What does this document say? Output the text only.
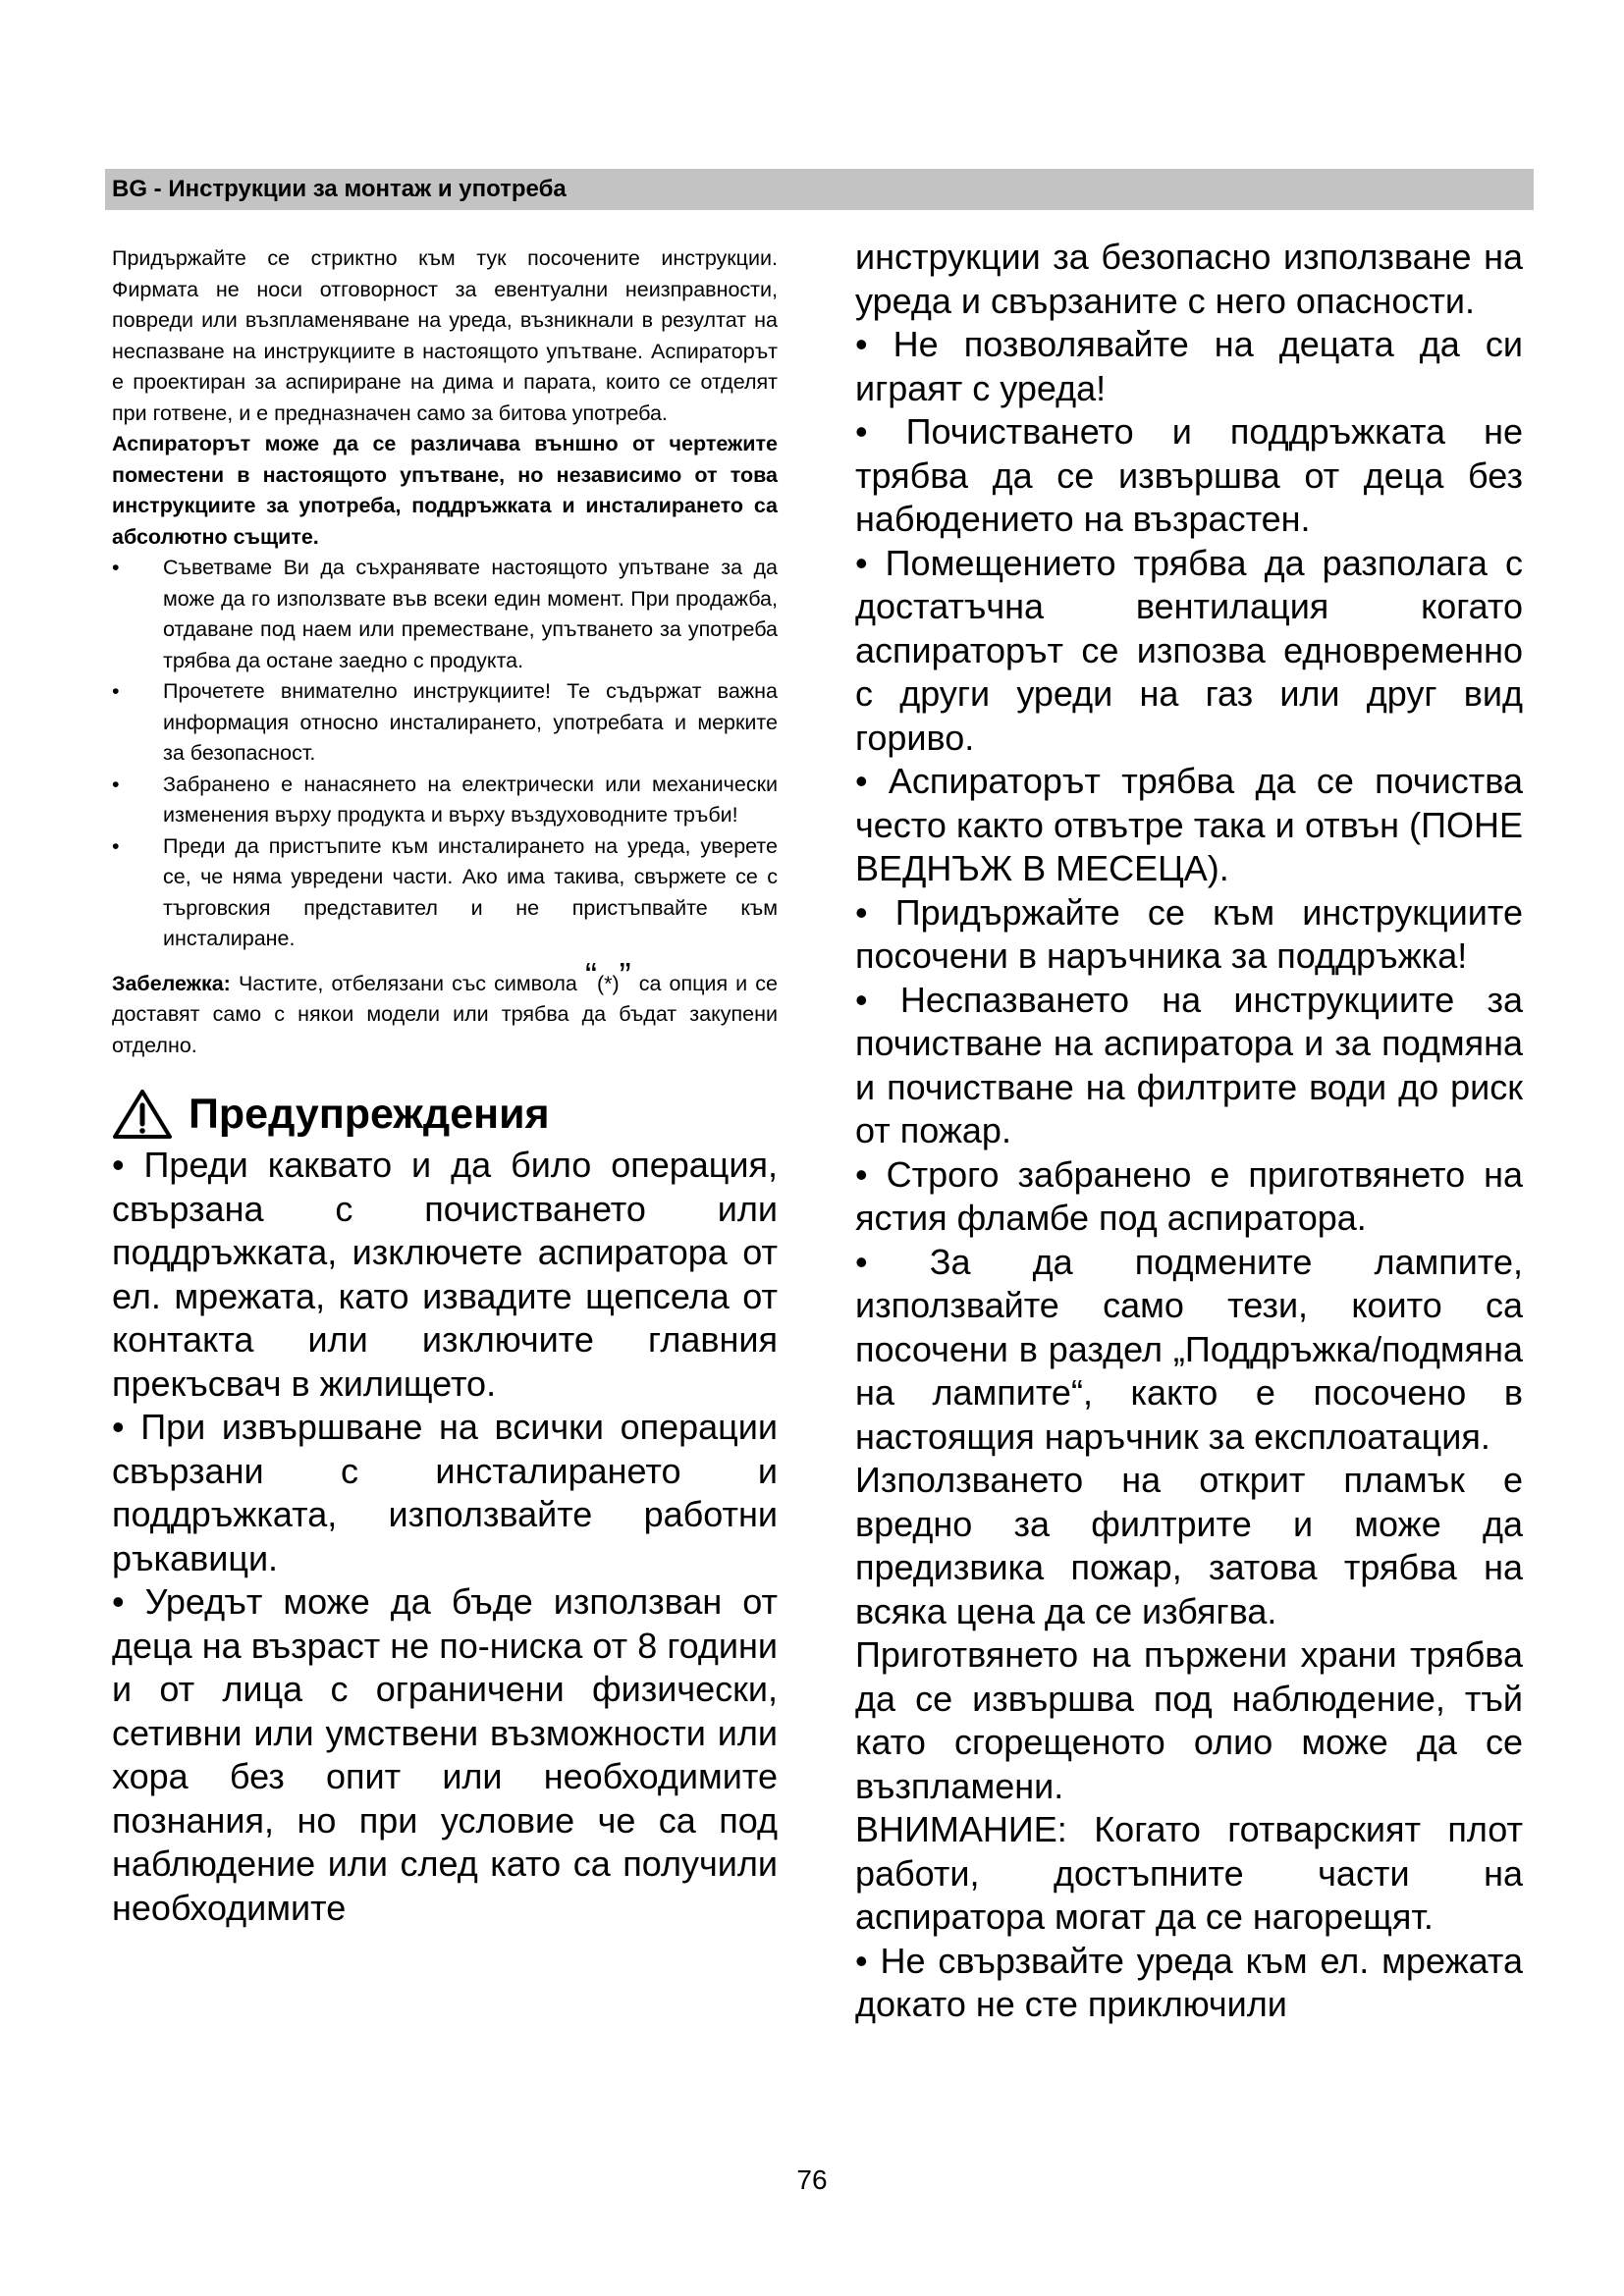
BG - Инструкции за монтаж и употреба

Придържайте се стриктно към тук посочените инструкции. Фирмата не носи отговорност за евентуални неизправности, повреди или възпламеняване на уреда, възникнали в резултат на неспазване на инструкциите в настоящото упътване. Аспираторът е проектиран за аспириране на дима и парата, които се отделят при готвене, и е предназначен само за битова употреба.

Аспираторът може да се различава външно от чертежите поместени в настоящото упътване, но независимо от това инструкциите за употреба, поддръжката и инсталирането са абсолютно същите.

• Съветваме Ви да съхранявате настоящото упътване за да може да го използвате във всеки един момент. При продажба, отдаване под наем или преместване, упътването за употреба трябва да остане заедно с продукта.
• Прочетете внимателно инструкциите! Те съдържат важна информация относно инсталирането, употребата и мерките за безопасност.
• Забранено е нанасянето на електрически или механически изменения върху продукта и върху въздуховодните тръби!
• Преди да пристъпите към инсталирането на уреда, уверете се, че няма увредени части. Ако има такива, свържете се с търговския представител и не пристъпвайте към инсталиране.

Забележка: Частите, отбелязани със символа “(*)” са опция и се доставят само с някои модели или трябва да бъдат закупени отделно.

Предупреждения

• Преди каквато и да било операция, свързана с почистването или поддръжката, изключете аспиратора от ел. мрежата, като извадите щепсела от контакта или изключите главния прекъсвач в жилището.

• При извършване на всички операции свързани с инсталирането и поддръжката, използвайте работни ръкавици.

• Уредът може да бъде използван от деца на възраст не по-ниска от 8 години и от лица с ограничени физически, сетивни или умствени възможности или хора без опит или необходимите познания, но при условие че са под наблюдение или след като са получили необходимите

инструкции за безопасно използване на уреда и свързаните с него опасности.

• Не позволявайте на децата да си играят с уреда!

• Почистването и поддръжката не трябва да се извършва от деца без набюдението на възрастен.

• Помещението трябва да разполага с достатъчна вентилация когато аспираторът се изпозва едновременно с други уреди на газ или друг вид гориво.

• Аспираторът трябва да се почиства често както отвътре така и отвън (ПОНЕ ВЕДНЪЖ В МЕСЕЦА).

• Придържайте се към инструкциите посочени в наръчника за поддръжка!

• Неспазването на инструкциите за почистване на аспиратора и за подмяна и почистване на филтрите води до риск от пожар.

• Строго забранено е приготвянето на ястия фламбе под аспиратора.

• За да подмените лампите, използвайте само тези, които са посочени в раздел „Поддръжка/подмяна на лампите“, както е посочено в настоящия наръчник за експлоатация.

Използването на открит пламък е вредно за филтрите и може да предизвика пожар, затова трябва на всяка цена да се избягва.

Приготвянето на пържени храни трябва да се извършва под наблюдение, тъй като сгорещеното олио може да се възпламени.

ВНИМАНИЕ: Когато готварският плот работи, достъпните части на аспиратора могат да се нагорещят.

• Не свързвайте уреда към ел. мрежата докато не сте приключили

76
